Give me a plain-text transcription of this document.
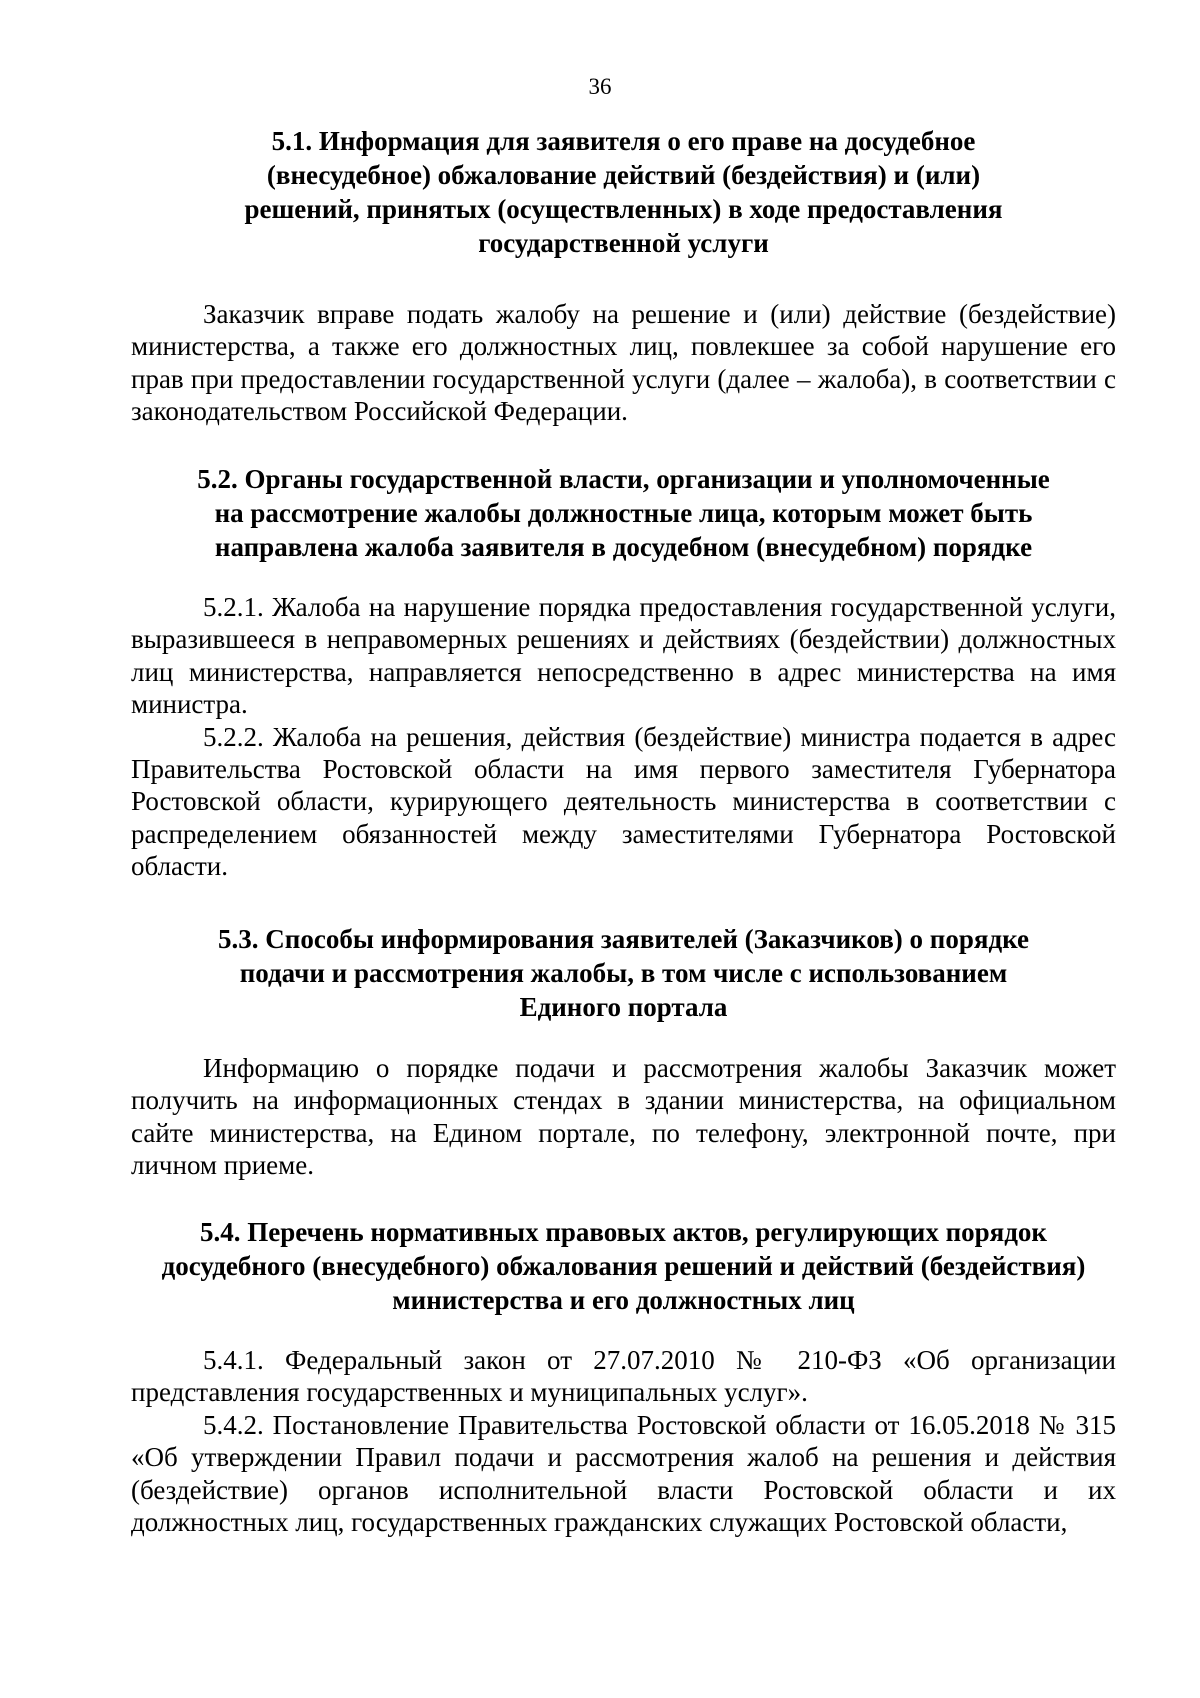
36
5.1. Информация для заявителя о его праве на досудебное
(внесудебное) обжалование действий (бездействия) и (или)
решений, принятых (осуществленных) в ходе предоставления
государственной услуги
Заказчик вправе подать жалобу на решение и (или) действие (бездействие) министерства, а также его должностных лиц, повлекшее за собой нарушение его прав при предоставлении государственной услуги (далее – жалоба), в соответствии с законодательством Российской Федерации.
5.2. Органы государственной власти, организации и уполномоченные
на рассмотрение жалобы должностные лица, которым может быть
направлена жалоба заявителя в досудебном (внесудебном) порядке
5.2.1. Жалоба на нарушение порядка предоставления государственной услуги, выразившееся в неправомерных решениях и действиях (бездействии) должностных лиц министерства, направляется непосредственно в адрес министерства на имя министра.
5.2.2. Жалоба на решения, действия (бездействие) министра подается в адрес Правительства Ростовской области на имя первого заместителя Губернатора Ростовской области, курирующего деятельность министерства в соответствии с распределением обязанностей между заместителями Губернатора Ростовской области.
5.3. Способы информирования заявителей (Заказчиков) о порядке
подачи и рассмотрения жалобы, в том числе с использованием
Единого портала
Информацию о порядке подачи и рассмотрения жалобы Заказчик может получить на информационных стендах в здании министерства, на официальном сайте министерства, на Едином портале, по телефону, электронной почте, при личном приеме.
5.4. Перечень нормативных правовых актов, регулирующих порядок
досудебного (внесудебного) обжалования решений и действий (бездействия)
министерства и его должностных лиц
5.4.1. Федеральный закон от 27.07.2010 № 210-ФЗ «Об организации представления государственных и муниципальных услуг».
5.4.2. Постановление Правительства Ростовской области от 16.05.2018 № 315 «Об утверждении Правил подачи и рассмотрения жалоб на решения и действия (бездействие) органов исполнительной власти Ростовской области и их должностных лиц, государственных гражданских служащих Ростовской области,
